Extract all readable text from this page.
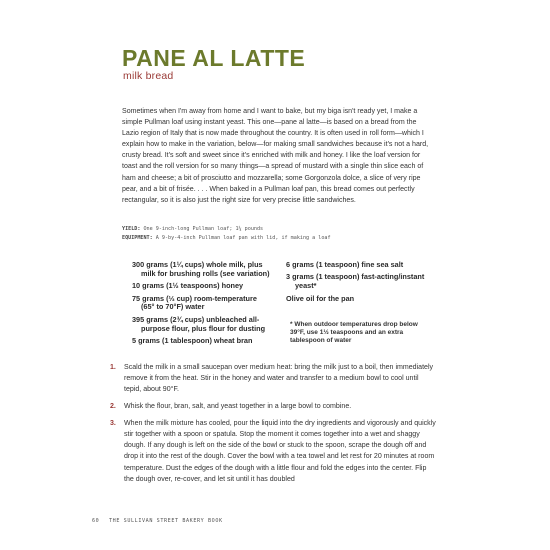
PANE AL LATTE

milk bread

Sometimes when I'm away from home and I want to bake, but my biga isn't ready yet, I make a simple Pullman loaf using instant yeast. This one—pane al latte—is based on a bread from the Lazio region of Italy that is now made throughout the country. It is often used in roll form—which I explain how to make in the variation, below—for making small sandwiches because it's not a hard, crusty bread. It's soft and sweet since it's enriched with milk and honey. I like the loaf version for toast and the roll version for so many things—a spread of mustard with a single thin slice each of ham and cheese; a bit of prosciutto and mozzarella; some Gorgonzola dolce, a slice of very ripe pear, and a bit of frisée. . . . When baked in a Pullman loaf pan, this bread comes out perfectly rectangular, so it is also just the right size for very precise little sandwiches.

YIELD: One 9-inch-long Pullman loaf; 1¼ pounds
EQUIPMENT: A 9-by-4-inch Pullman loaf pan with lid, if making a loaf
300 grams (1¼ cups) whole milk, plus
milk for brushing rolls (see variation)
10 grams (1½ teaspoons) honey
75 grams (⅓ cup) room-temperature
(65° to 70°F) water
395 grams (2¾ cups) unbleached all-
purpose flour, plus flour for dusting
5 grams (1 tablespoon) wheat bran
6 grams (1 teaspoon) fine sea salt
3 grams (1 teaspoon) fast-acting/instant
yeast*
Olive oil for the pan

* When outdoor temperatures drop below 39°F, use 1½ teaspoons and an extra tablespoon of water

1. Scald the milk in a small saucepan over medium heat: bring the milk just to a boil, then immediately remove it from the heat. Stir in the honey and water and transfer to a medium bowl to cool until tepid, about 90°F.
2. Whisk the flour, bran, salt, and yeast together in a large bowl to combine.
3. When the milk mixture has cooled, pour the liquid into the dry ingredients and vigorously and quickly stir together with a spoon or spatula. Stop the moment it comes together into a wet and shaggy dough. If any dough is left on the side of the bowl or stuck to the spoon, scrape the dough off and drop it into the rest of the dough. Cover the bowl with a tea towel and let rest for 20 minutes at room temperature. Dust the edges of the dough with a little flour and fold the edges into the center. Flip the dough over, re-cover, and let sit until it has doubled
60 THE SULLIVAN STREET BAKERY BOOK
